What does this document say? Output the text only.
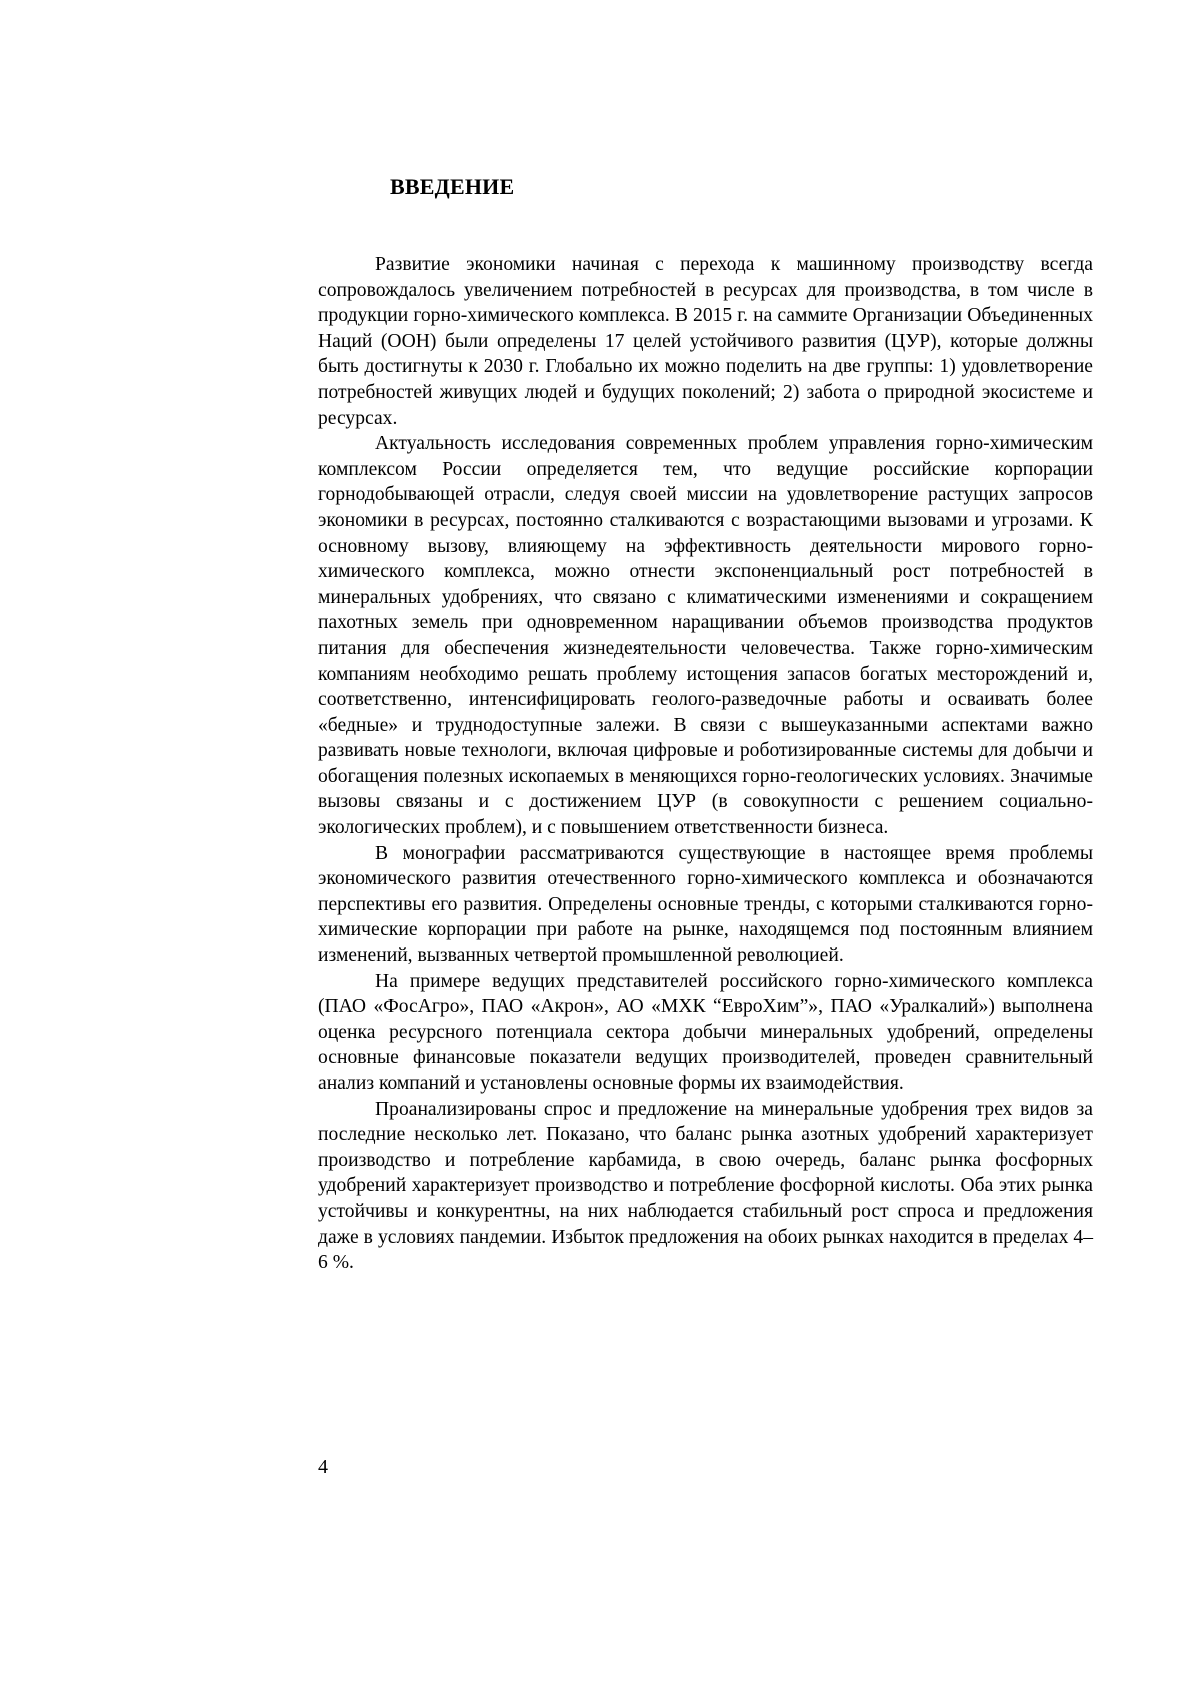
ВВЕДЕНИЕ

Развитие экономики начиная с перехода к машинному производству всегда сопровождалось увеличением потребностей в ресурсах для производства, в том числе в продукции горно-химического комплекса. В 2015 г. на саммите Организации Объединенных Наций (ООН) были определены 17 целей устойчивого развития (ЦУР), которые должны быть достигнуты к 2030 г. Глобально их можно поделить на две группы: 1) удовлетворение потребностей живущих людей и будущих поколений; 2) забота о природной экосистеме и ресурсах.

Актуальность исследования современных проблем управления горно-химическим комплексом России определяется тем, что ведущие российские корпорации горнодобывающей отрасли, следуя своей миссии на удовлетворение растущих запросов экономики в ресурсах, постоянно сталкиваются с возрастающими вызовами и угрозами. К основному вызову, влияющему на эффективность деятельности мирового горно-химического комплекса, можно отнести экспоненциальный рост потребностей в минеральных удобрениях, что связано с климатическими изменениями и сокращением пахотных земель при одновременном наращивании объемов производства продуктов питания для обеспечения жизнедеятельности человечества. Также горно-химическим компаниям необходимо решать проблему истощения запасов богатых месторождений и, соответственно, интенсифицировать геолого-разведочные работы и осваивать более «бедные» и труднодоступные залежи. В связи с вышеуказанными аспектами важно развивать новые технологи, включая цифровые и роботизированные системы для добычи и обогащения полезных ископаемых в меняющихся горно-геологических условиях. Значимые вызовы связаны и с достижением ЦУР (в совокупности с решением социально-экологических проблем), и с повышением ответственности бизнеса.

В монографии рассматриваются существующие в настоящее время проблемы экономического развития отечественного горно-химического комплекса и обозначаются перспективы его развития. Определены основные тренды, с которыми сталкиваются горно-химические корпорации при работе на рынке, находящемся под постоянным влиянием изменений, вызванных четвертой промышленной революцией.

На примере ведущих представителей российского горно-химического комплекса (ПАО «ФосАгро», ПАО «Акрон», АО «МХК “ЕвроХим”», ПАО «Уралкалий») выполнена оценка ресурсного потенциала сектора добычи минеральных удобрений, определены основные финансовые показатели ведущих производителей, проведен сравнительный анализ компаний и установлены основные формы их взаимодействия.

Проанализированы спрос и предложение на минеральные удобрения трех видов за последние несколько лет. Показано, что баланс рынка азотных удобрений характеризует производство и потребление карбамида, в свою очередь, баланс рынка фосфорных удобрений характеризует производство и потребление фосфорной кислоты. Оба этих рынка устойчивы и конкурентны, на них наблюдается стабильный рост спроса и предложения даже в условиях пандемии. Избыток предложения на обоих рынках находится в пределах 4–6 %.

4
